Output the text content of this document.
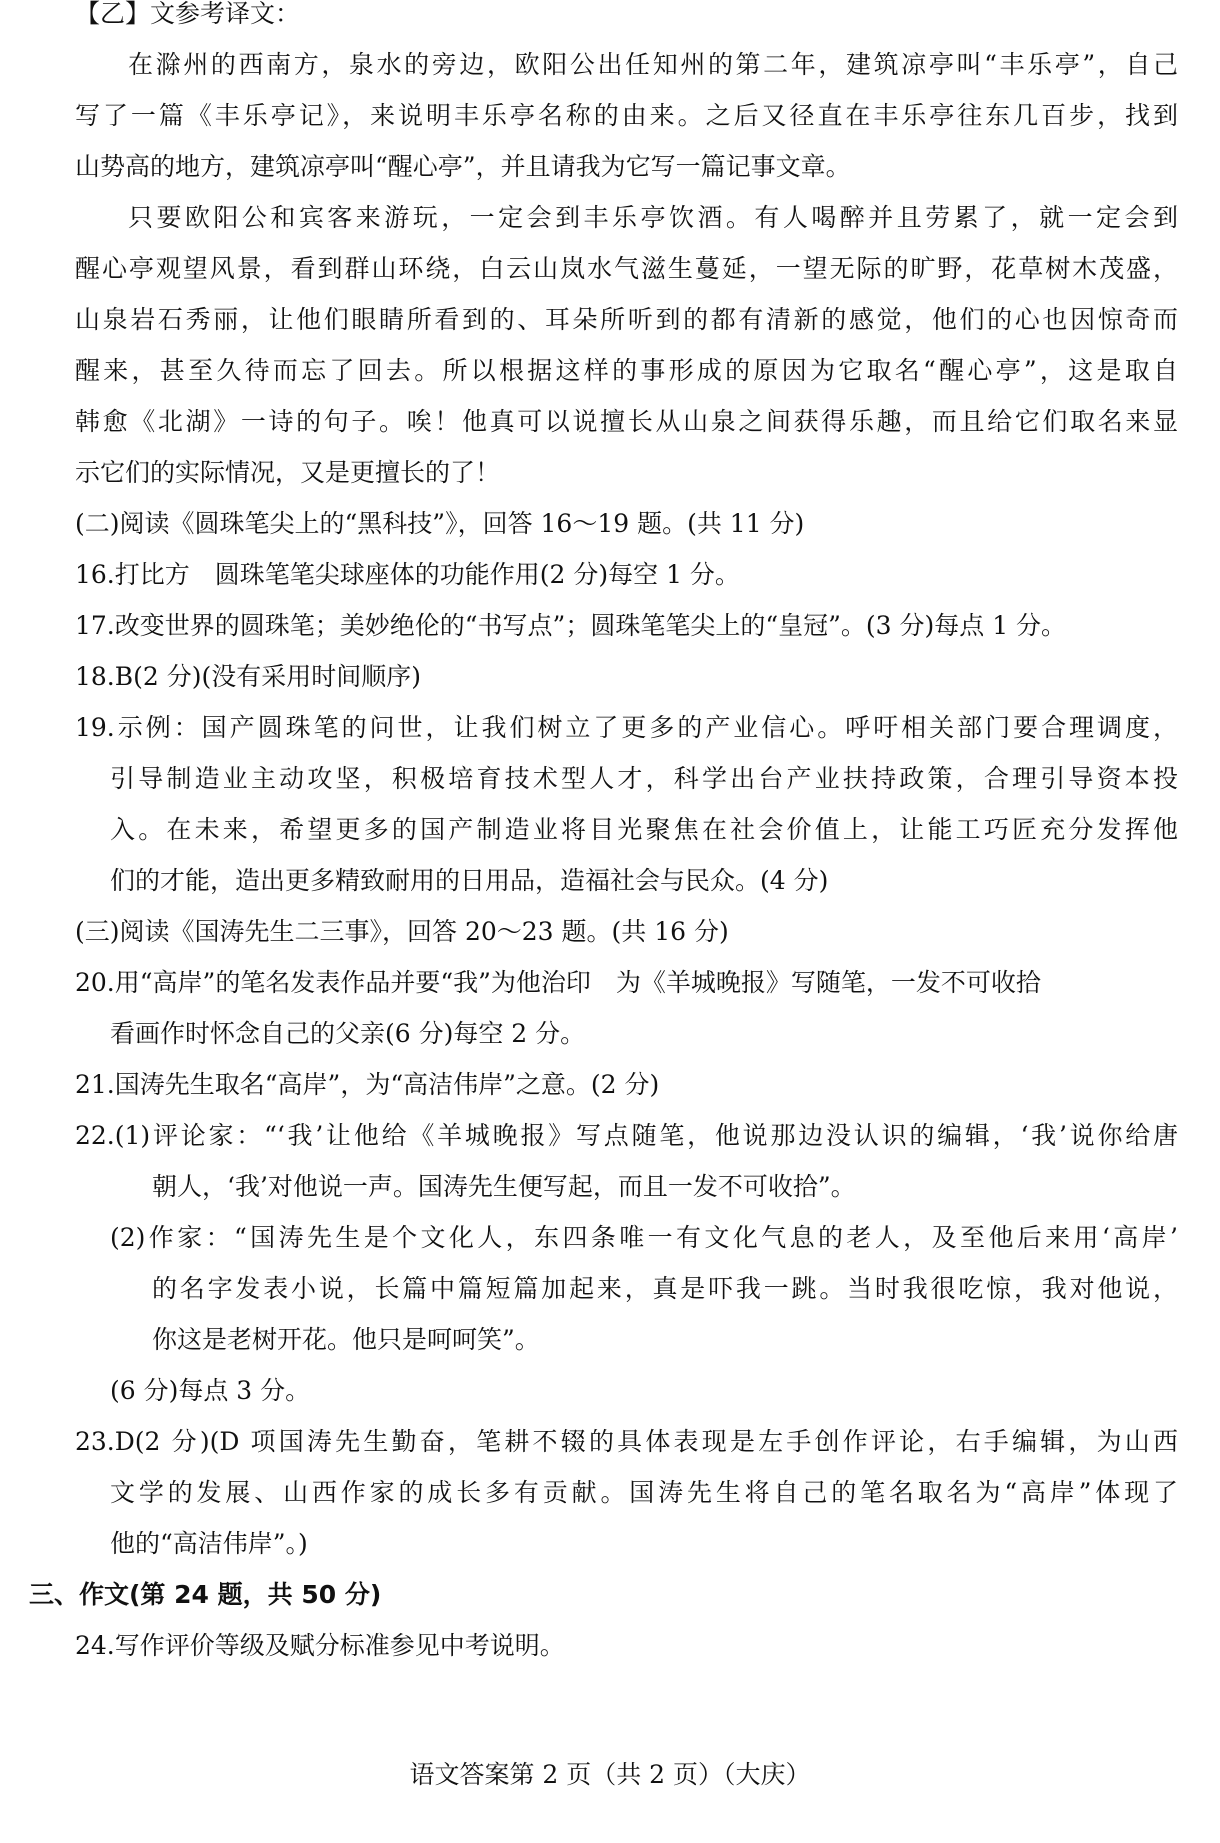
【乙】文参考译文：
在滁州的西南方，泉水的旁边，欧阳公出任知州的第二年，建筑凉亭叫“丰乐亭”，自己
写了一篇《丰乐亭记》，来说明丰乐亭名称的由来。之后又径直在丰乐亭往东几百步，找到
山势高的地方，建筑凉亭叫“醒心亭”，并且请我为它写一篇记事文章。
只要欧阳公和宾客来游玩，一定会到丰乐亭饮酒。有人喝醉并且劳累了，就一定会到
醒心亭观望风景，看到群山环绕，白云山岚水气滋生蔓延，一望无际的旷野，花草树木茂盛，
山泉岩石秀丽，让他们眼睛所看到的、耳朵所听到的都有清新的感觉，他们的心也因惊奇而
醒来，甚至久待而忘了回去。所以根据这样的事形成的原因为它取名“醒心亭”，这是取自
韩愈《北湖》一诗的句子。唉！他真可以说擅长从山泉之间获得乐趣，而且给它们取名来显
示它们的实际情况，又是更擅长的了！
(二)阅读《圆珠笔尖上的“黑科技”》，回答 16～19 题。(共 11 分)
16.打比方　圆珠笔笔尖球座体的功能作用(2 分)每空 1 分。
17.改变世界的圆珠笔；美妙绝伦的“书写点”；圆珠笔笔尖上的“皇冠”。(3 分)每点 1 分。
18.B(2 分)(没有采用时间顺序)
19.示例：国产圆珠笔的问世，让我们树立了更多的产业信心。呼吁相关部门要合理调度，
引导制造业主动攻坚，积极培育技术型人才，科学出台产业扶持政策，合理引导资本投
入。在未来，希望更多的国产制造业将目光聚焦在社会价值上，让能工巧匠充分发挥他
们的才能，造出更多精致耐用的日用品，造福社会与民众。(4 分)
(三)阅读《国涛先生二三事》，回答 20～23 题。(共 16 分)
20.用“高岸”的笔名发表作品并要“我”为他治印　为《羊城晚报》写随笔，一发不可收拾
看画作时怀念自己的父亲(6 分)每空 2 分。
21.国涛先生取名“高岸”，为“高洁伟岸”之意。(2 分)
22.(1)评论家：“‘我’让他给《羊城晚报》写点随笔，他说那边没认识的编辑，‘我’说你给唐
朝人，‘我’对他说一声。国涛先生便写起，而且一发不可收拾”。
(2)作家：“国涛先生是个文化人，东四条唯一有文化气息的老人，及至他后来用‘高岸’
的名字发表小说，长篇中篇短篇加起来，真是吓我一跳。当时我很吃惊，我对他说，
你这是老树开花。他只是呵呵笑”。
(6 分)每点 3 分。
23.D(2 分)(D 项国涛先生勤奋，笔耕不辍的具体表现是左手创作评论，右手编辑，为山西
文学的发展、山西作家的成长多有贡献。国涛先生将自己的笔名取名为“高岸”体现了
他的“高洁伟岸”。)
三、作文(第 24 题，共 50 分)
24.写作评价等级及赋分标准参见中考说明。
语文答案第 2 页（共 2 页）（大庆）
